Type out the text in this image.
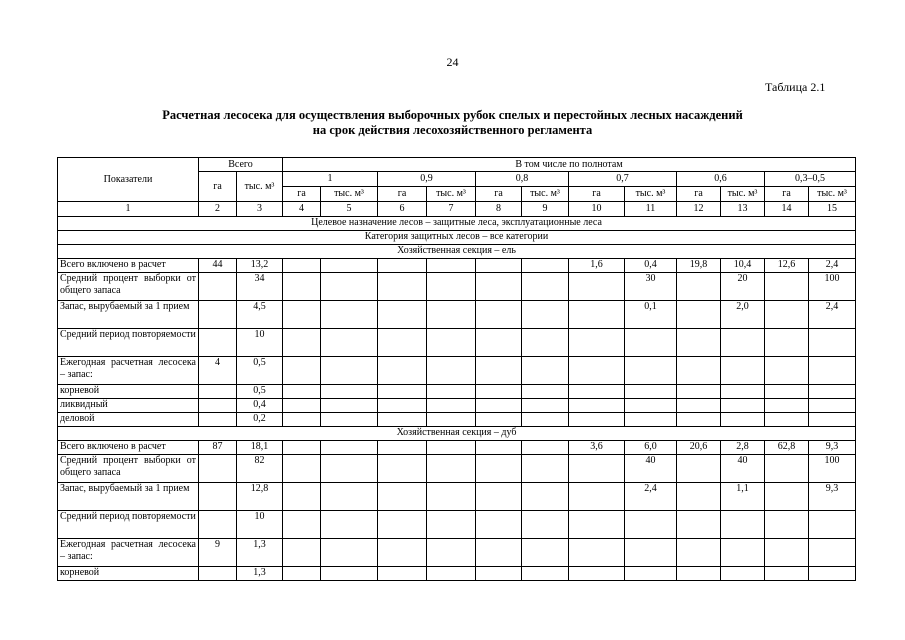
24
Таблица 2.1
Расчетная лесосека для осуществления выборочных рубок спелых и перестойных лесных насаждений
на срок действия лесохозяйственного регламента
Показатели	Всего		В том числе по полнотам											
	га	тыс. м³	1		0,9		0,8		0,7		0,6		0,3–0,5	
			га	тыс. м³	га	тыс. м³	га	тыс. м³	га	тыс. м³	га	тыс. м³	га	тыс. м³
1	2	3	4	5	6	7	8	9	10	11	12	13	14	15
Целевое назначение лесов – защитные леса, эксплуатационные леса														
Категория защитных лесов – все категории														
Хозяйственная секция – ель														
Всего включено в расчет	44	13,2							1,6	0,4	19,8	10,4	12,6	2,4
Средний процент выборки от общего запаса		34								30		20		100
Запас, вырубаемый за 1 прием		4,5								0,1		2,0		2,4
Средний период повторяемости		10												
Ежегодная расчетная лесосека – запас:	4	0,5												
корневой		0,5												
ликвидный		0,4												
деловой		0,2												
Хозяйственная секция – дуб														
Всего включено в расчет	87	18,1							3,6	6,0	20,6	2,8	62,8	9,3
Средний процент выборки от общего запаса		82								40		40		100
Запас, вырубаемый за 1 прием		12,8								2,4		1,1		9,3
Средний период повторяемости		10												
Ежегодная расчетная лесосека – запас:	9	1,3												
корневой		1,3												
